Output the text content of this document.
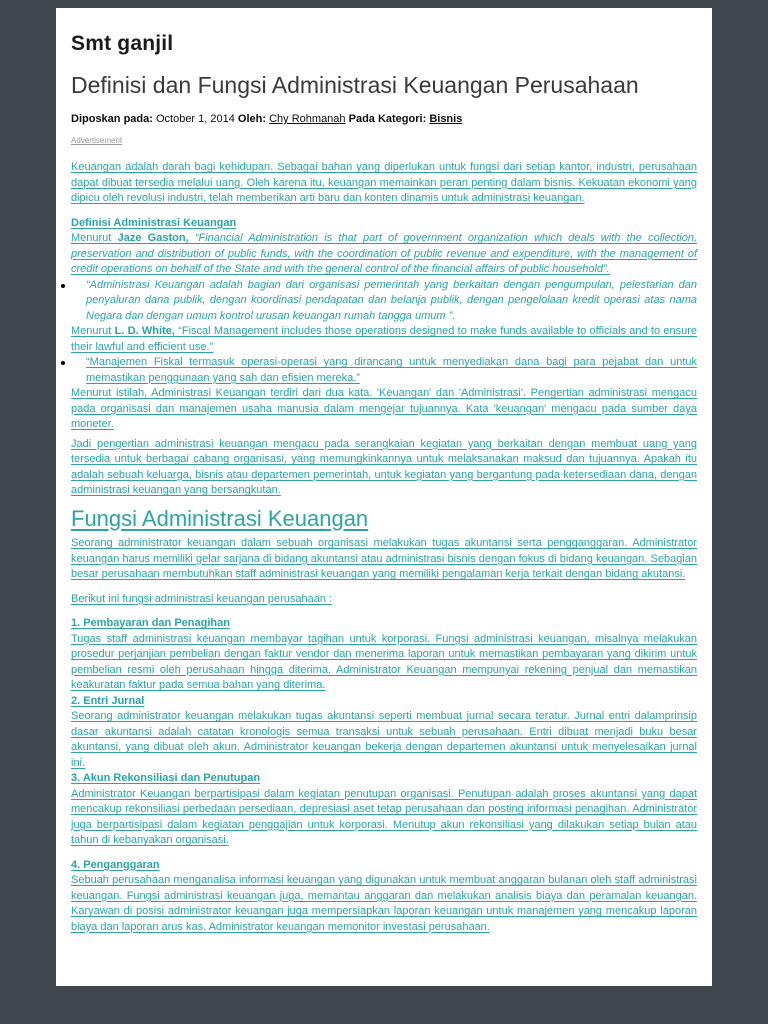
Smt ganjil
Definisi dan Fungsi Administrasi Keuangan Perusahaan
Diposkan pada: October 1, 2014 Oleh: Chy Rohmanah Pada Kategori: Bisnis
Advertisement

Keuangan adalah darah bagi kehidupan. Sebagai bahan yang diperlukan untuk fungsi dari setiap kantor, industri, perusahaan dapat dibuat tersedia melalui uang. Oleh karena itu, keuangan memainkan peran penting dalam bisnis. Kekuatan ekonomi yang dipicu oleh revolusi industri, telah memberikan arti baru dan konten dinamis untuk administrasi keuangan.

Definisi Administrasi Keuangan

Menurut Jaze Gaston, “Financial Administration is that part of government organization which deals with the collection, preservation and distribution of public funds, with the coordination of public revenue and expenditure, with the management of credit operations on behalf of the State and with the general control of the financial affairs of public household”.

“Administrasi Keuangan adalah bagian dari organisasi pemerintah yang berkaitan dengan pengumpulan, pelestarian dan penyaluran dana publik, dengan koordinasi pendapatan dan belanja publik, dengan pengelolaan kredit operasi atas nama Negara dan dengan umum kontrol urusan keuangan rumah tangga umum ”.

Menurut L. D. White, “Fiscal Management includes those operations designed to make funds available to officials and to ensure their lawful and efficient use.”

“Manajemen Fiskal termasuk operasi-operasi yang dirancang untuk menyediakan dana bagi para pejabat dan untuk memastikan penggunaan yang sah dan efisien mereka.”

Menurut istilah, Administrasi Keuangan terdiri dari dua kata. 'Keuangan' dan 'Administrasi'. Pengertian administrasi mengacu pada organisasi dan manajemen usaha manusia dalam mengejar tujuannya. Kata 'keuangan' mengacu pada sumber daya moneter.

Jadi pengertian administrasi keuangan mengacu pada serangkaian kegiatan yang berkaitan dengan membuat uang yang tersedia untuk berbagai cabang organisasi, yang memungkinkannya untuk melaksanakan maksud dan tujuannya. Apakah itu adalah sebuah keluarga, bisnis atau departemen pemerintah, untuk kegiatan yang bergantung pada ketersediaan dana, dengan administrasi keuangan yang bersangkutan.

Fungsi Administrasi Keuangan

Seorang administrator keuangan dalam sebuah organisasi melakukan tugas akuntansi serta pengganggaran. Administrator keuangan harus memiliki gelar sarjana di bidang akuntansi atau administrasi bisnis dengan fokus di bidang keuangan. Sebagian besar perusahaan membutuhkan staff administrasi keuangan yang memiliki pengalaman kerja terkait dengan bidang akutansi.

Berikut ini fungsi administrasi keuangan perusahaan :

1. Pembayaran dan Penagihan

Tugas staff administrasi keuangan membayar tagihan untuk korporasi. Fungsi administrasi keuangan, misalnya melakukan prosedur perjanjian pembelian dengan faktur vendor dan menerima laporan untuk memastikan pembayaran yang dikirim untuk pembelian resmi oleh perusahaan hingga diterima. Administrator Keuangan mempunyai rekening penjual dan memastikan keakuratan faktur pada semua bahan yang diterima.

2. Entri Jurnal

Seorang administrator keuangan melakukan tugas akuntansi seperti membuat jurnal secara teratur. Jurnal entri dalamprinsip dasar akuntansi adalah catatan kronologis semua transaksi untuk sebuah perusahaan. Entri dibuat menjadi buku besar akuntansi, yang dibuat oleh akun. Administrator keuangan bekerja dengan departemen akuntansi untuk menyelesaikan jurnal ini.

3. Akun Rekonsiliasi dan Penutupan

Administrator Keuangan berpartisipasi dalam kegiatan penutupan organisasi. Penutupan adalah proses akuntansi yang dapat mencakup rekonsiliasi perbedaan persediaan, depresiasi aset tetap perusahaan dan posting informasi penagihan. Administrator juga berpartisipasi dalam kegiatan penggajian untuk korporasi. Menutup akun rekonsiliasi yang dilakukan setiap bulan atau tahun di kebanyakan organisasi.

4. Penganggaran

Sebuah perusahaan menganalisa informasi keuangan yang digunakan untuk membuat anggaran bulanan oleh staff administrasi keuangan. Fungsi administrasi keuangan juga, memantau anggaran dan melakukan analisis biaya dan peramalan keuangan. Karyawan di posisi administrator keuangan juga mempersiapkan laporan keuangan untuk manajemen yang mencakup laporan biaya dan laporan arus kas. Administrator keuangan memonitor investasi perusahaan.
